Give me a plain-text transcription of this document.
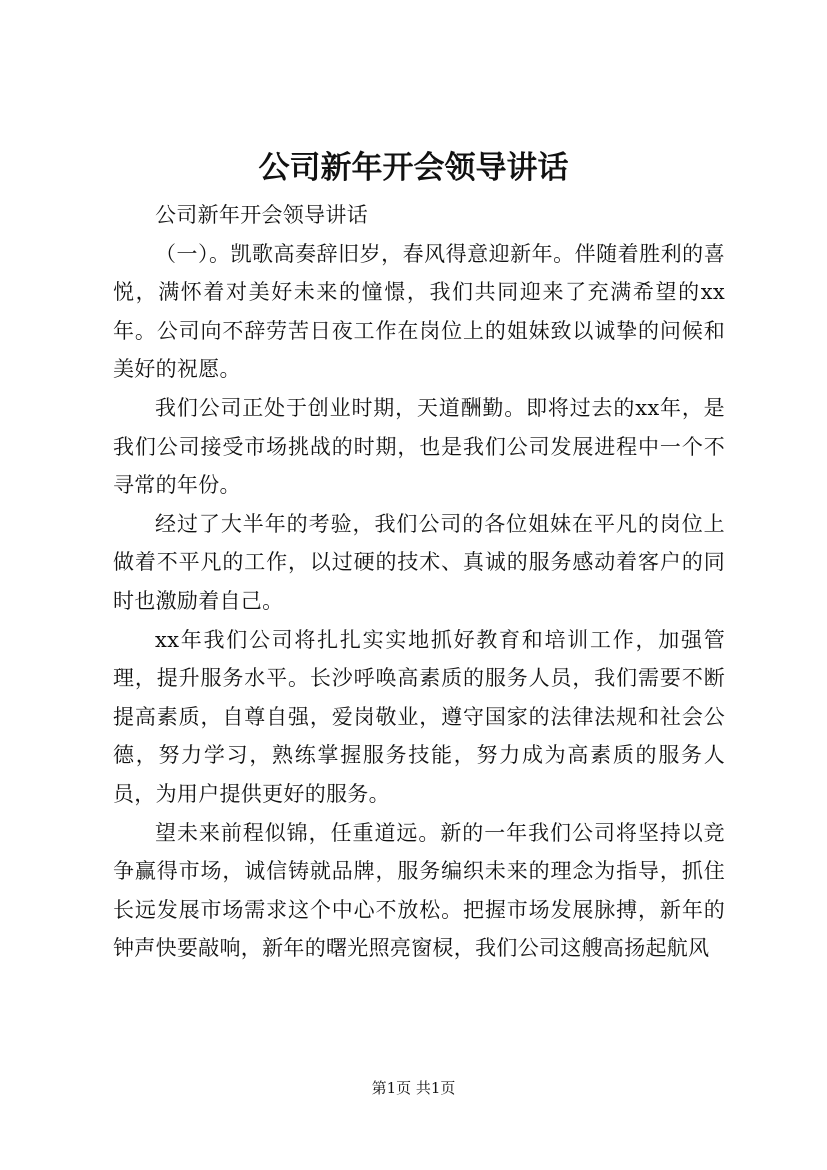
公司新年开会领导讲话

公司新年开会领导讲话

（一）。凯歌高奏辞旧岁，春风得意迎新年。伴随着胜利的喜悦，满怀着对美好未来的憧憬，我们共同迎来了充满希望的xx年。公司向不辞劳苦日夜工作在岗位上的姐妹致以诚挚的问候和美好的祝愿。

我们公司正处于创业时期，天道酬勤。即将过去的xx年，是我们公司接受市场挑战的时期，也是我们公司发展进程中一个不寻常的年份。

经过了大半年的考验，我们公司的各位姐妹在平凡的岗位上做着不平凡的工作，以过硬的技术、真诚的服务感动着客户的同时也激励着自己。

xx年我们公司将扎扎实实地抓好教育和培训工作，加强管理，提升服务水平。长沙呼唤高素质的服务人员，我们需要不断提高素质，自尊自强，爱岗敬业，遵守国家的法律法规和社会公德，努力学习，熟练掌握服务技能，努力成为高素质的服务人员，为用户提供更好的服务。

望未来前程似锦，任重道远。新的一年我们公司将坚持以竞争赢得市场，诚信铸就品牌，服务编织未来的理念为指导，抓住长远发展市场需求这个中心不放松。把握市场发展脉搏，新年的钟声快要敲响，新年的曙光照亮窗棂，我们公司这艘高扬起航风

第1页 共1页
